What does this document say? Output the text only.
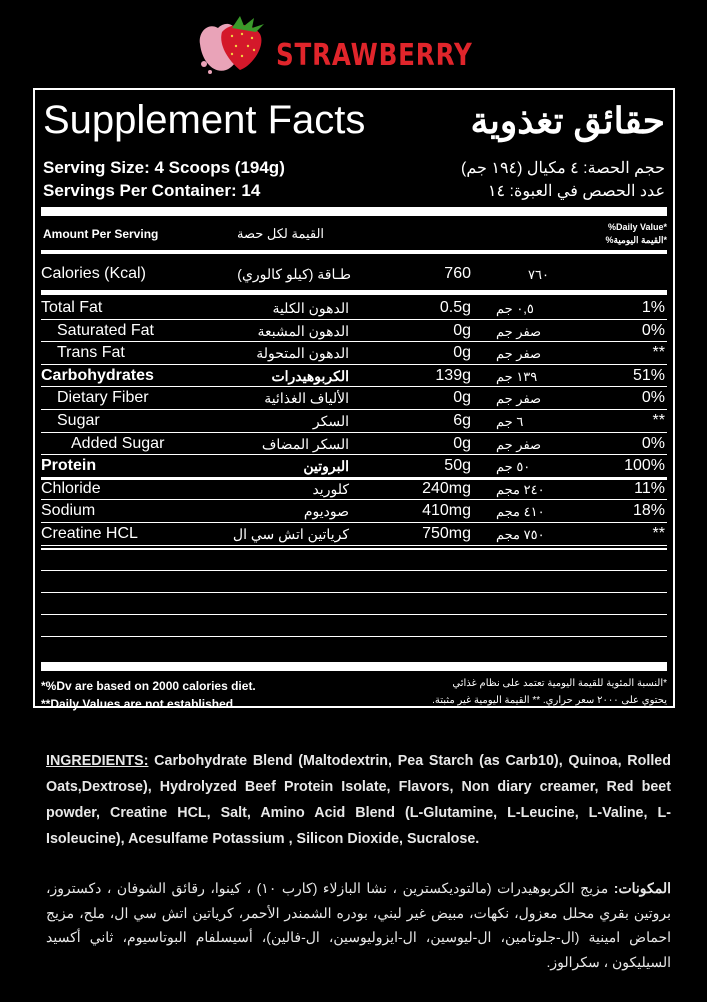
STRAWBERRY
Supplement Facts	حقائق تغذوية
Serving Size: 4 Scoops (194g)	حجم الحصة: ٤ مكيال (١٩٤ جم)
Servings Per Container: 14	عدد الحصص في العبوة: ١٤
Amount Per Serving	القيمة لكل حصة	%Daily Value*
*القيمة اليومية%
Calories (Kcal)	طـاقة (كيلو كالوري)	760	٧٦٠
Total Fat	الدهون الكلية	0.5g ٠,٥ جم	1%
Saturated Fat	الدهون المشبعة	0g صفر جم	0%
Trans Fat	الدهون المتحولة	0g صفر جم	**
Carbohydrates	الكربوهيدرات	139g ١٣٩ جم	51%
Dietary Fiber	الألياف الغذائية	0g صفر جم	0%
Sugar	السكر	6g ٦ جم	**
Added Sugar	السكر المضاف	0g صفر جم	0%
Protein	البروتين	50g ٥٠ جم	100%
Chloride	كلوريد	240mg ٢٤٠ مجم	11%
Sodium	صوديوم	410mg ٤١٠ مجم	18%
Creatine HCL	كرياتين اتش سي ال	750mg ٧٥٠ مجم	**
*%Dv are based on 2000 calories diet.
**Daily Values are not established.
*النسبة المئوية للقيمة اليومية تعتمد على نظام غذائي
يحتوي على ٢٠٠٠ سعر حراري. ** القيمة اليومية غير مثبتة.
INGREDIENTS: Carbohydrate Blend (Maltodextrin, Pea Starch (as Carb10), Quinoa, Rolled Oats,Dextrose), Hydrolyzed Beef Protein Isolate, Flavors, Non diary creamer, Red beet powder, Creatine HCL, Salt, Amino Acid Blend (L-Glutamine, L-Leucine, L-Valine, L-Isoleucine), Acesulfame Potassium , Silicon Dioxide, Sucralose.
المكونات: مزيج الكربوهيدرات (مالتوديكسترين ، نشا البازلاء (كارب ١٠) ، كينوا، رقائق الشوفان ، دكستروز، بروتين بقري محلل معزول، نكهات، مبيض غير لبني، بودره الشمندر الأحمر، كرياتين اتش سي ال، ملح، مزيج احماض امينية (ال-جلوتامين، ال-ليوسين، ال-ايزوليوسين، ال-فالين)، أسيسلفام البوتاسيوم، ثاني أكسيد السيليكون ، سكرالوز.
